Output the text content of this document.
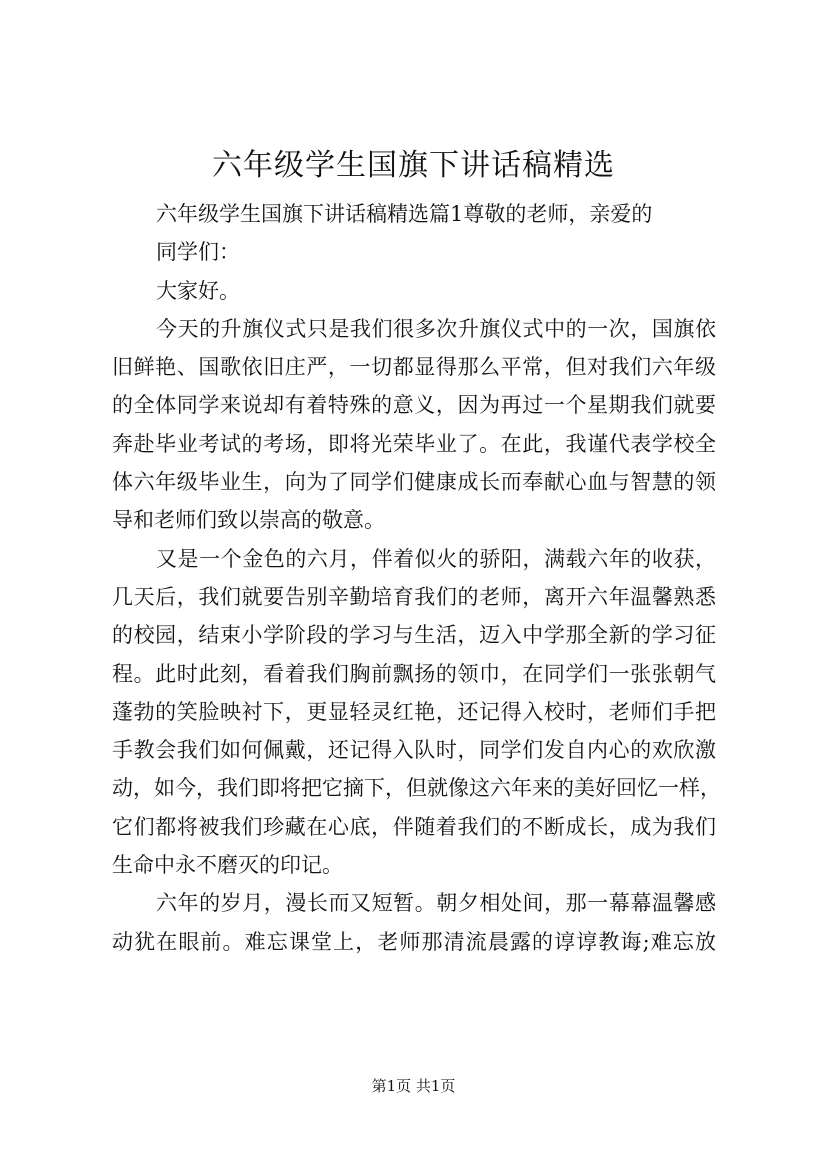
六年级学生国旗下讲话稿精选
六年级学生国旗下讲话稿精选篇1尊敬的老师，亲爱的
同学们：
大家好。
今天的升旗仪式只是我们很多次升旗仪式中的一次，国旗依
旧鲜艳、国歌依旧庄严，一切都显得那么平常，但对我们六年级
的全体同学来说却有着特殊的意义，因为再过一个星期我们就要
奔赴毕业考试的考场，即将光荣毕业了。在此，我谨代表学校全
体六年级毕业生，向为了同学们健康成长而奉献心血与智慧的领
导和老师们致以崇高的敬意。
又是一个金色的六月，伴着似火的骄阳，满载六年的收获，
几天后，我们就要告别辛勤培育我们的老师，离开六年温馨熟悉
的校园，结束小学阶段的学习与生活，迈入中学那全新的学习征
程。此时此刻，看着我们胸前飘扬的领巾，在同学们一张张朝气
蓬勃的笑脸映衬下，更显轻灵红艳，还记得入校时，老师们手把
手教会我们如何佩戴，还记得入队时，同学们发自内心的欢欣激
动，如今，我们即将把它摘下，但就像这六年来的美好回忆一样，
它们都将被我们珍藏在心底，伴随着我们的不断成长，成为我们
生命中永不磨灭的印记。
六年的岁月，漫长而又短暂。朝夕相处间，那一幕幕温馨感
动犹在眼前。难忘课堂上，老师那清流晨露的谆谆教诲;难忘放
第1页 共1页
